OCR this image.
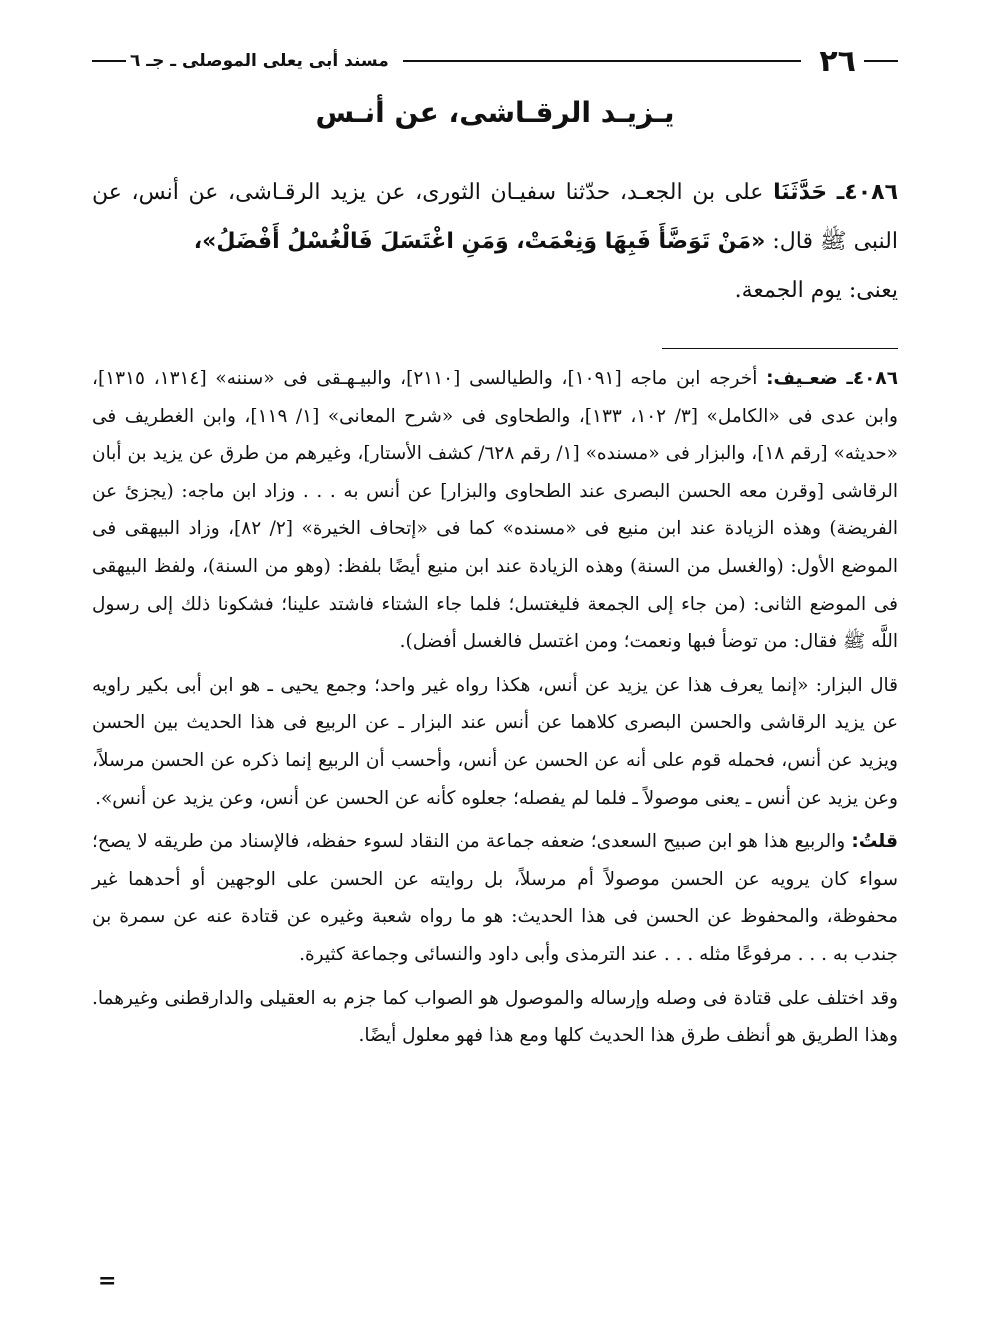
٢٦
مسند أبى يعلى الموصلى ـ جـ ٦
يـزيـد الرقـاشى، عن أنـس
٤٠٨٦ـ حَدَّثَنَا على بن الجعـد، حدّثنا سفيـان الثورى، عن يزيد الرقـاشى، عن أنس، عن النبى ﷺ قال: «مَنْ تَوَضَّأَ فَبِهَا وَنِعْمَتْ، وَمَنِ اغْتَسَلَ فَالْغُسْلُ أَفْضَلُ»،
يعنى: يوم الجمعة.

٤٠٨٦ـ ضعـيف: أخرجه ابن ماجه [١٠٩١]، والطيالسى [٢١١٠]، والبيـهـقى فى «سننه» [١٣١٤، ١٣١٥]، وابن عدى فى «الكامل» [٣/ ١٠٢، ١٣٣]، والطحاوى فى «شرح المعانى» [١/ ١١٩]، وابن الغطريف فى «حديثه» [رقم ١٨]، والبزار فى «مسنده» [١/ رقم ٦٢٨/ كشف الأستار]، وغيرهم من طرق عن يزيد بن أبان الرقاشى [وقرن معه الحسن البصرى عند الطحاوى والبزار] عن أنس به . . . وزاد ابن ماجه: (يجزئ عن الفريضة) وهذه الزيادة عند ابن منيع فى «مسنده» كما فى «إتحاف الخيرة» [٢/ ٨٢]، وزاد البيهقى فى الموضع الأول: (والغسل من السنة) وهذه الزيادة عند ابن منيع أيضًا بلفظ: (وهو من السنة)، ولفظ البيهقى فى الموضع الثانى: (من جاء إلى الجمعة فليغتسل؛ فلما جاء الشتاء فاشتد علينا؛ فشكونا ذلك إلى رسول اللَّه ﷺ فقال: من توضأ فبها ونعمت؛ ومن اغتسل فالغسل أفضل).

قال البزار: «إنما يعرف هذا عن يزيد عن أنس، هكذا رواه غير واحد؛ وجمع يحيى ـ هو ابن أبى بكير راويه عن يزيد الرقاشى والحسن البصرى كلاهما عن أنس عند البزار ـ عن الربيع فى هذا الحديث بين الحسن ويزيد عن أنس، فحمله قوم على أنه عن الحسن عن أنس، وأحسب أن الربيع إنما ذكره عن الحسن مرسلاً، وعن يزيد عن أنس ـ يعنى موصولاً ـ فلما لم يفصله؛ جعلوه كأنه عن الحسن عن أنس، وعن يزيد عن أنس».

قلتُ: والربيع هذا هو ابن صبيح السعدى؛ ضعفه جماعة من النقاد لسوء حفظه، فالإسناد من طريقه لا يصح؛ سواء كان يرويه عن الحسن موصولاً أم مرسلاً، بل روايته عن الحسن على الوجهين أو أحدهما غير محفوظة، والمحفوظ عن الحسن فى هذا الحديث: هو ما رواه شعبة وغيره عن قتادة عنه عن سمرة بن جندب به . . . مرفوعًا مثله . . . عند الترمذى وأبى داود والنسائى وجماعة كثيرة.

وقد اختلف على قتادة فى وصله وإرساله والموصول هو الصواب كما جزم به العقيلى والدارقطنى وغيرهما. وهذا الطريق هو أنظف طرق هذا الحديث كلها ومع هذا فهو معلول أيضًا.

=
